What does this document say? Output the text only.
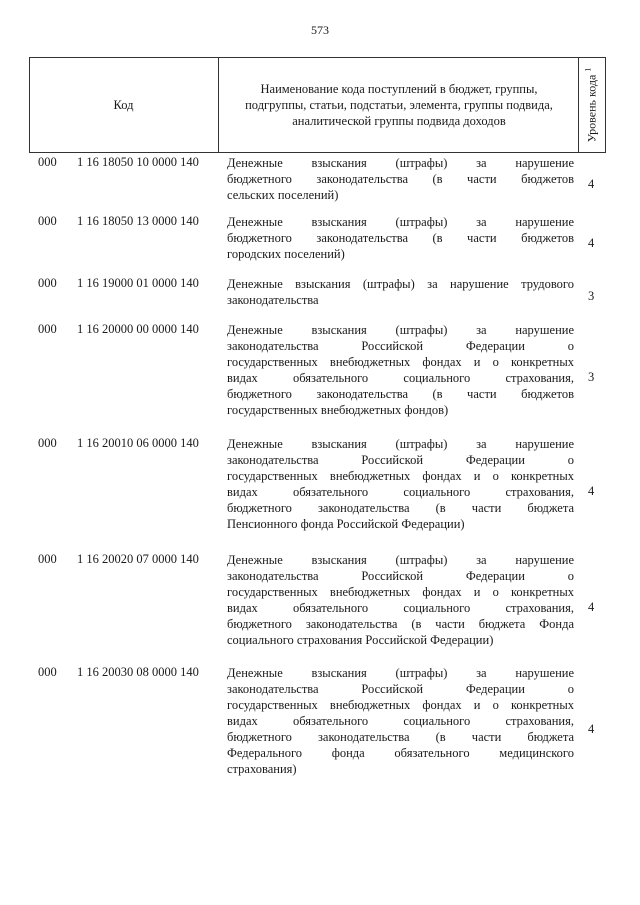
573
Код
Наименование кода поступлений в бюджет, группы,
подгруппы, статьи, подстатьи, элемента, группы подвида,
аналитической группы подвида доходов	Уровень кода $^1$
000 1 16 18050 10 0000 140 Денежные взыскания (штрафы) за нарушение
бюджетного законодательства (в части бюджетов
сельских поселений)
4
000 1 16 18050 13 0000 140 Денежные взыскания (штрафы) за нарушение
бюджетного законодательства (в части бюджетов
городских поселений)
4
000 1 16 19000 01 0000 140 Денежные взыскания (штрафы) за нарушение трудового
законодательства	3
000 1 16 20000 00 0000 140 Денежные взыскания (штрафы) за нарушение
законодательства Российской Федерации о
государственных внебюджетных фондах и о конкретных
видах обязательного социального страхования,
бюджетного законодательства (в части бюджетов
государственных внебюджетных фондов)
3
000 1 16 20010 06 0000 140 Денежные взыскания (штрафы) за нарушение
законодательства Российской Федерации о
государственных внебюджетных фондах и о конкретных
видах обязательного социального страхования,
бюджетного законодательства (в части бюджета
Пенсионного фонда Российской Федерации)
4
000 1 16 20020 07 0000 140 Денежные взыскания (штрафы) за нарушение
законодательства Российской Федерации о
государственных внебюджетных фондах и о конкретных
видах обязательного социального страхования,
бюджетного законодательства (в части бюджета Фонда
социального страхования Российской Федерации)
4
000 1 16 20030 08 0000 140 Денежные взыскания (штрафы) за нарушение
законодательства Российской Федерации о
государственных внебюджетных фондах и о конкретных
видах обязательного социального страхования,
бюджетного законодательства (в части бюджета
Федерального фонда обязательного медицинского
страхования)
4
